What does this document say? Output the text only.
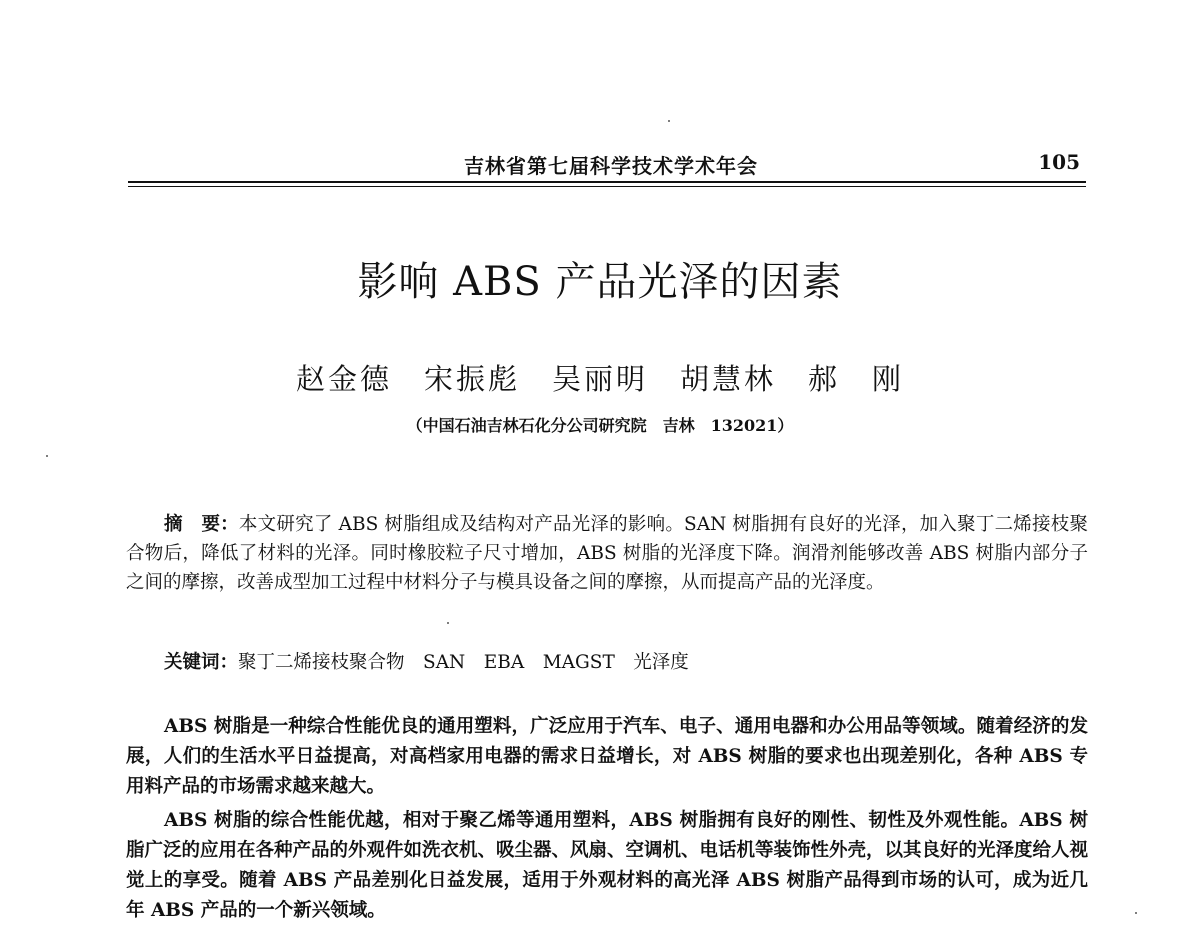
吉林省第七届科学技术学术年会	105
影响 ABS 产品光泽的因素
赵金德　宋振彪　吴丽明　胡慧林　郝　刚
（中国石油吉林石化分公司研究院　吉林　132021）

摘　要：本文研究了 ABS 树脂组成及结构对产品光泽的影响。SAN 树脂拥有良好的光泽，加入聚丁二烯接枝聚合物后，降低了材料的光泽。同时橡胶粒子尺寸增加，ABS 树脂的光泽度下降。润滑剂能够改善 ABS 树脂内部分子之间的摩擦，改善成型加工过程中材料分子与模具设备之间的摩擦，从而提高产品的光泽度。

关键词：聚丁二烯接枝聚合物　SAN　EBA　MAGST　光泽度

ABS 树脂是一种综合性能优良的通用塑料，广泛应用于汽车、电子、通用电器和办公用品等领域。随着经济的发展，人们的生活水平日益提高，对高档家用电器的需求日益增长，对 ABS 树脂的要求也出现差别化，各种 ABS 专用料产品的市场需求越来越大。

ABS 树脂的综合性能优越，相对于聚乙烯等通用塑料，ABS 树脂拥有良好的刚性、韧性及外观性能。ABS 树脂广泛的应用在各种产品的外观件如洗衣机、吸尘器、风扇、空调机、电话机等装饰性外壳，以其良好的光泽度给人视觉上的享受。随着 ABS 产品差别化日益发展，适用于外观材料的高光泽 ABS 树脂产品得到市场的认可，成为近几年 ABS 产品的一个新兴领域。
